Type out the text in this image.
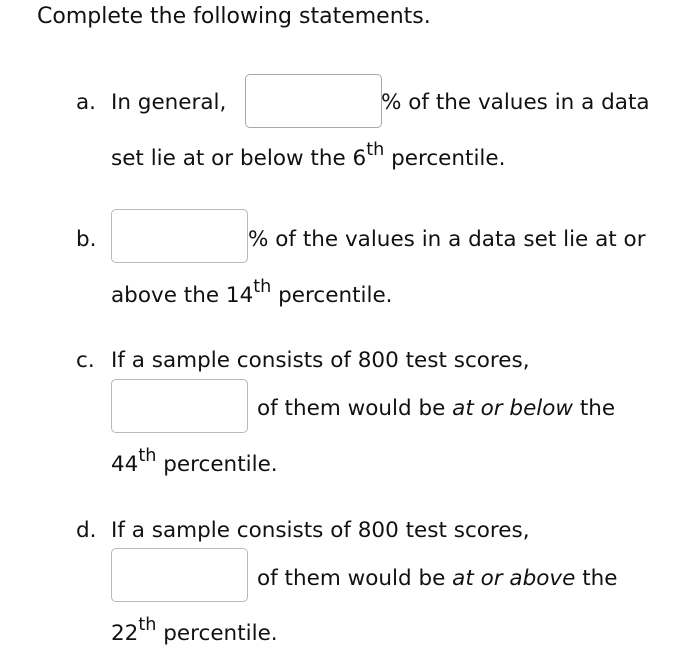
Complete the following statements.
a. In general,	% of the values in a data
set lie at or below the 6th percentile.
b.	% of the values in a data set lie at or
above the 14th percentile.
c. If a sample consists of 800 test scores,
of them would be at or below the
44th percentile.
d. If a sample consists of 800 test scores,
of them would be at or above the
22th percentile.
